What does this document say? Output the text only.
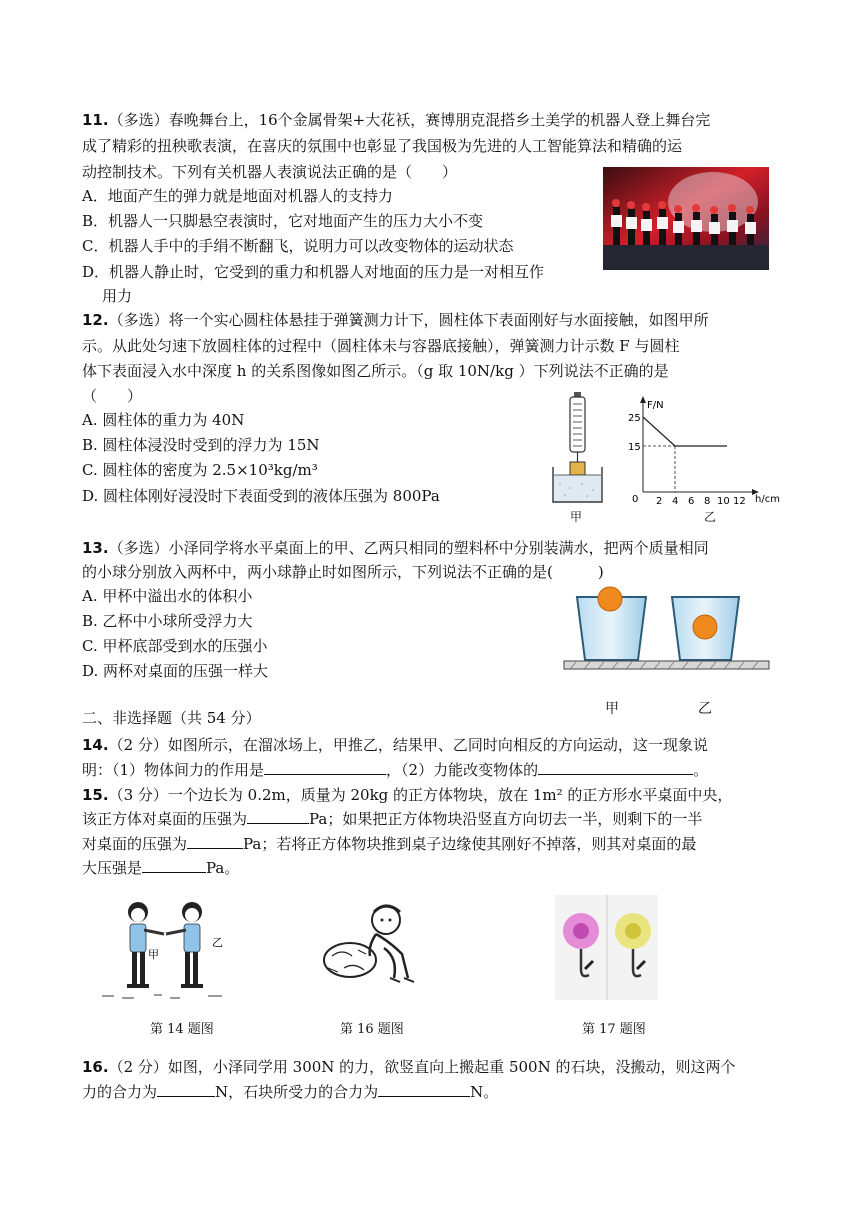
11.（多选）春晚舞台上，16个金属骨架+大花袄，赛博朋克混搭乡土美学的机器人登上舞台完
成了精彩的扭秧歌表演，在喜庆的氛围中也彰显了我国极为先进的人工智能算法和精确的运
动控制技术。下列有关机器人表演说法正确的是（　　）
A．地面产生的弹力就是地面对机器人的支持力
B．机器人一只脚悬空表演时，它对地面产生的压力大小不变
C．机器人手中的手绢不断翻飞，说明力可以改变物体的运动状态
D．机器人静止时，它受到的重力和机器人对地面的压力是一对相互作
用力
12.（多选）将一个实心圆柱体悬挂于弹簧测力计下，圆柱体下表面刚好与水面接触，如图甲所
示。从此处匀速下放圆柱体的过程中（圆柱体未与容器底接触），弹簧测力计示数 F 与圆柱
体下表面浸入水中深度 h 的关系图像如图乙所示。（g 取 10N/kg ）下列说法不正确的是
（　　）
A. 圆柱体的重力为 40N
B. 圆柱体浸没时受到的浮力为 15N
C. 圆柱体的密度为 2.5×10³kg/m³
D. 圆柱体刚好浸没时下表面受到的液体压强为 800Pa
甲
F/N
h/cm
0
25
15
2 4 6 8 10 12
乙
13.（多选）小泽同学将水平桌面上的甲、乙两只相同的塑料杯中分别装满水，把两个质量相同
的小球分别放入两杯中，两小球静止时如图所示，下列说法不正确的是(　　　)
A. 甲杯中溢出水的体积小
B. 乙杯中小球所受浮力大
C. 甲杯底部受到水的压强小
D. 两杯对桌面的压强一样大
甲	乙
二、非选择题（共 54 分）
14.（2 分）如图所示，在溜冰场上，甲推乙，结果甲、乙同时向相反的方向运动，这一现象说
明：（1）物体间力的作用是	，（2）力能改变物体的	。
15.（3 分）一个边长为 0.2m，质量为 20kg 的正方体物块，放在 1m² 的正方形水平桌面中央，
该正方体对桌面的压强为	Pa；如果把正方体物块沿竖直方向切去一半，则剩下的一半
对桌面的压强为	Pa；若将正方体物块推到桌子边缘使其刚好不掉落，则其对桌面的最
大压强是	Pa。
甲
乙
第 14 题图	第 16 题图	第 17 题图
16.（2 分）如图，小泽同学用 300N 的力，欲竖直向上搬起重 500N 的石块，没搬动，则这两个
力的合力为	N，石块所受力的合力为	N。
